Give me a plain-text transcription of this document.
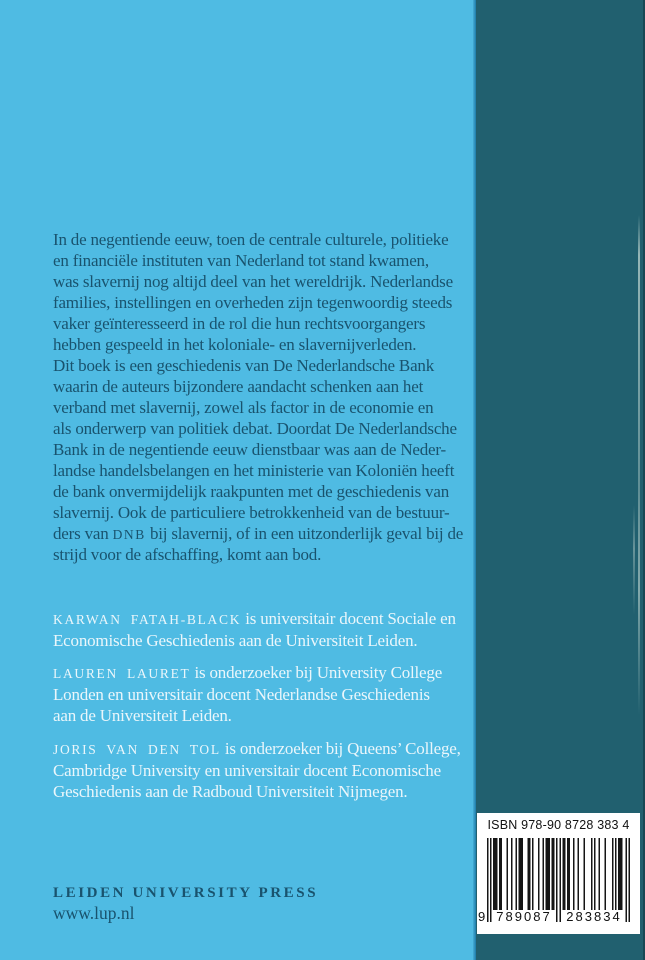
In de negentiende eeuw, toen de centrale culturele, politieke
en financiële instituten van Nederland tot stand kwamen,
was slavernij nog altijd deel van het wereldrijk. Nederlandse
families, instellingen en overheden zijn tegenwoordig steeds
vaker geïnteresseerd in de rol die hun rechtsvoorgangers
hebben gespeeld in het koloniale- en slavernijverleden.
Dit boek is een geschiedenis van De Nederlandsche Bank
waarin de auteurs bijzondere aandacht schenken aan het
verband met slavernij, zowel als factor in de economie en
als onderwerp van politiek debat. Doordat De Nederlandsche
Bank in de negentiende eeuw dienstbaar was aan de Neder-
landse handelsbelangen en het ministerie van Koloniën heeft
de bank onvermijdelijk raakpunten met de geschiedenis van
slavernij. Ook de particuliere betrokkenheid van de bestuur-
ders van DNB bij slavernij, of in een uitzonderlijk geval bij de
strijd voor de afschaffing, komt aan bod.
KARWAN FATAH-BLACK is universitair docent Sociale en
Economische Geschiedenis aan de Universiteit Leiden.
LAUREN LAURET is onderzoeker bij University College
Londen en universitair docent Nederlandse Geschiedenis
aan de Universiteit Leiden.
JORIS VAN DEN TOL is onderzoeker bij Queens’ College,
Cambridge University en universitair docent Economische
Geschiedenis aan de Radboud Universiteit Nijmegen.
LEIDEN UNIVERSITY PRESS
www.lup.nl
ISBN 978-90 8728 383 4
9 789087	283834
